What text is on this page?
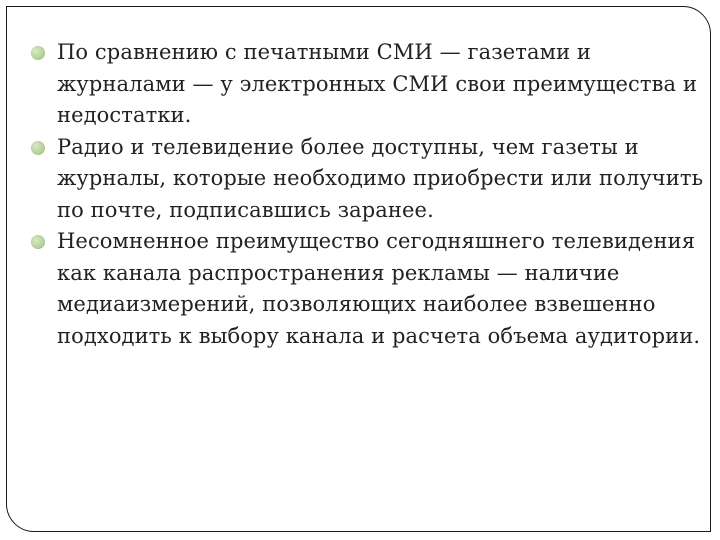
По сравнению с печатными СМИ — газетами и журналами — у электронных СМИ свои преимущества и недостатки.
Радио и телевидение более доступны, чем газеты и журналы, которые необходимо приобрести или получить по почте, подписавшись заранее.
Несомненное преимущество сегодняшнего телевидения как канала распространения рекламы — наличие медиаизмерений, позволяющих наиболее взвешенно подходить к выбору канала и расчета объема аудитории.
